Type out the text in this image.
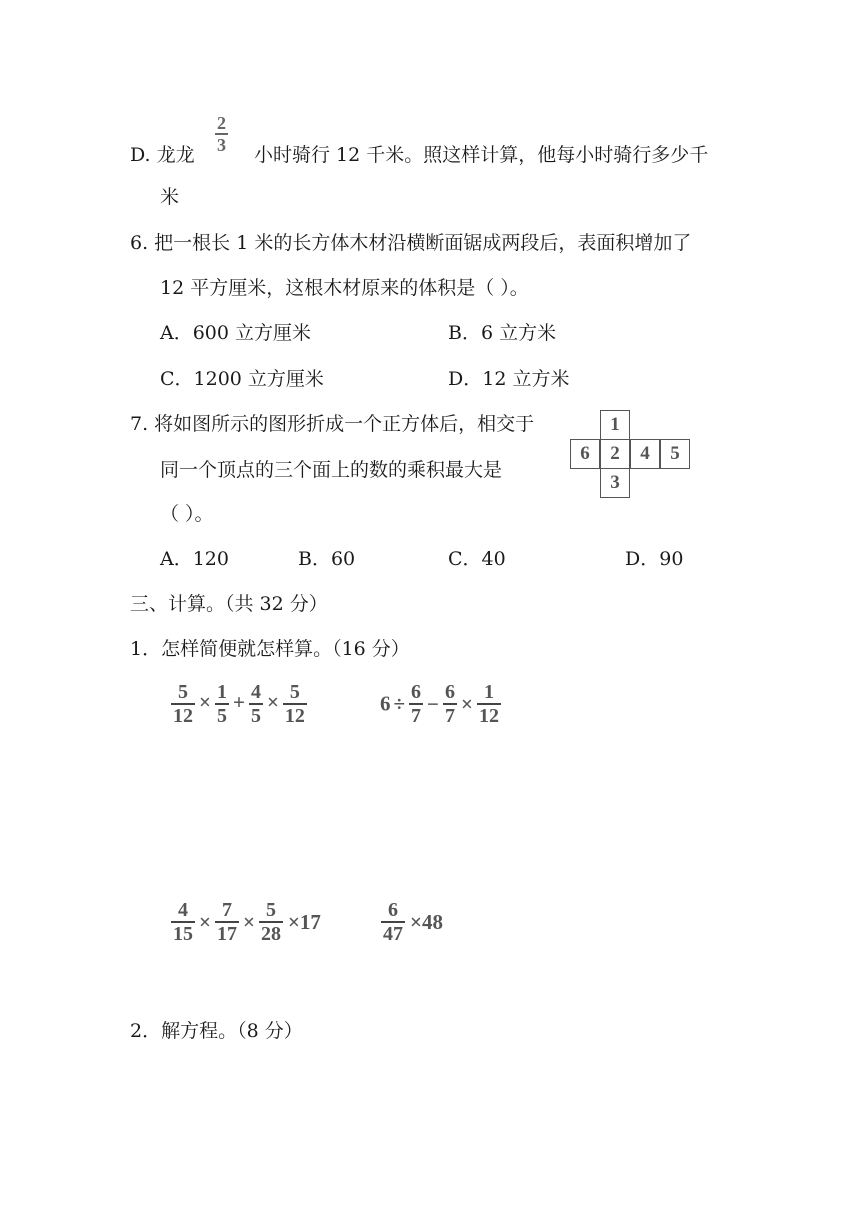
D. 龙龙
$\frac{2}{3}$
小时骑行 12 千米。照这样计算，他每小时骑行多少千
米
6. 把一根长 1 米的长方体木材沿横断面锯成两段后，表面积增加了
12 平方厘米，这根木材原来的体积是（ ）。
A．600 立方厘米	B．6 立方米
C．1200 立方厘米	D．12 立方米
7. 将如图所示的图形折成一个正方体后，相交于
同一个顶点的三个面上的数的乘积最大是
（ ）。
1
6	2	4	5
3
A．120	B．60	C．40	D．90
三、计算。（共 32 分）
1．怎样简便就怎样算。（16 分）
$\frac{5}{12} \times \frac{1}{5} + \frac{4}{5} \times \frac{5}{12}$	$6 \div \frac{6}{7} - \frac{6}{7} \times \frac{1}{12}$
$\frac{4}{15} \times \frac{7}{17} \times \frac{5}{28} \times 17$	$\frac{6}{47} \times 48$
2．解方程。（8 分）
